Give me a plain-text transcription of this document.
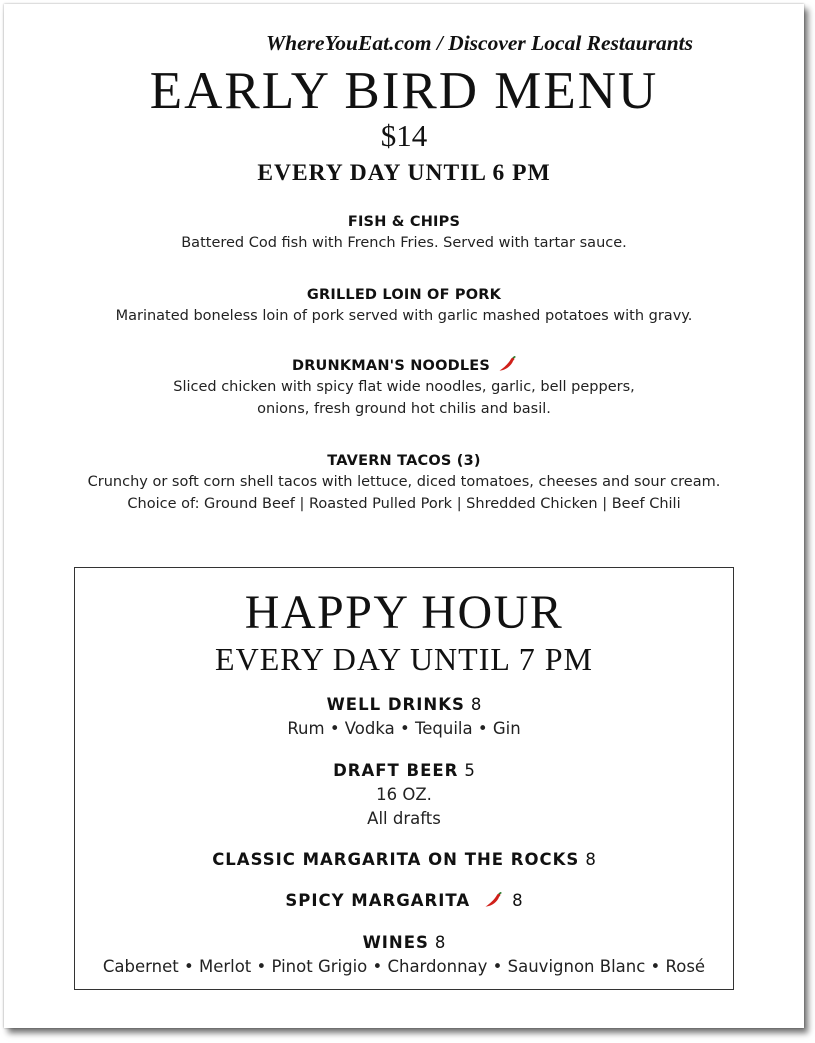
WhereYouEat.com / Discover Local Restaurants
EARLY BIRD MENU
$14
EVERY DAY UNTIL 6 PM
FISH & CHIPS
Battered Cod fish with French Fries. Served with tartar sauce.
GRILLED LOIN OF PORK
Marinated boneless loin of pork served with garlic mashed potatoes with gravy.
DRUNKMAN'S NOODLES
Sliced chicken with spicy flat wide noodles, garlic, bell peppers,
onions, fresh ground hot chilis and basil.
TAVERN TACOS (3)
Crunchy or soft corn shell tacos with lettuce, diced tomatoes, cheeses and sour cream.
Choice of: Ground Beef | Roasted Pulled Pork | Shredded Chicken | Beef Chili
HAPPY HOUR
EVERY DAY UNTIL 7 PM
WELL DRINKS 8
Rum • Vodka • Tequila • Gin
DRAFT BEER 5
16 OZ.
All drafts
CLASSIC MARGARITA ON THE ROCKS 8
SPICY MARGARITA	8
WINES 8
Cabernet • Merlot • Pinot Grigio • Chardonnay • Sauvignon Blanc • Rosé
